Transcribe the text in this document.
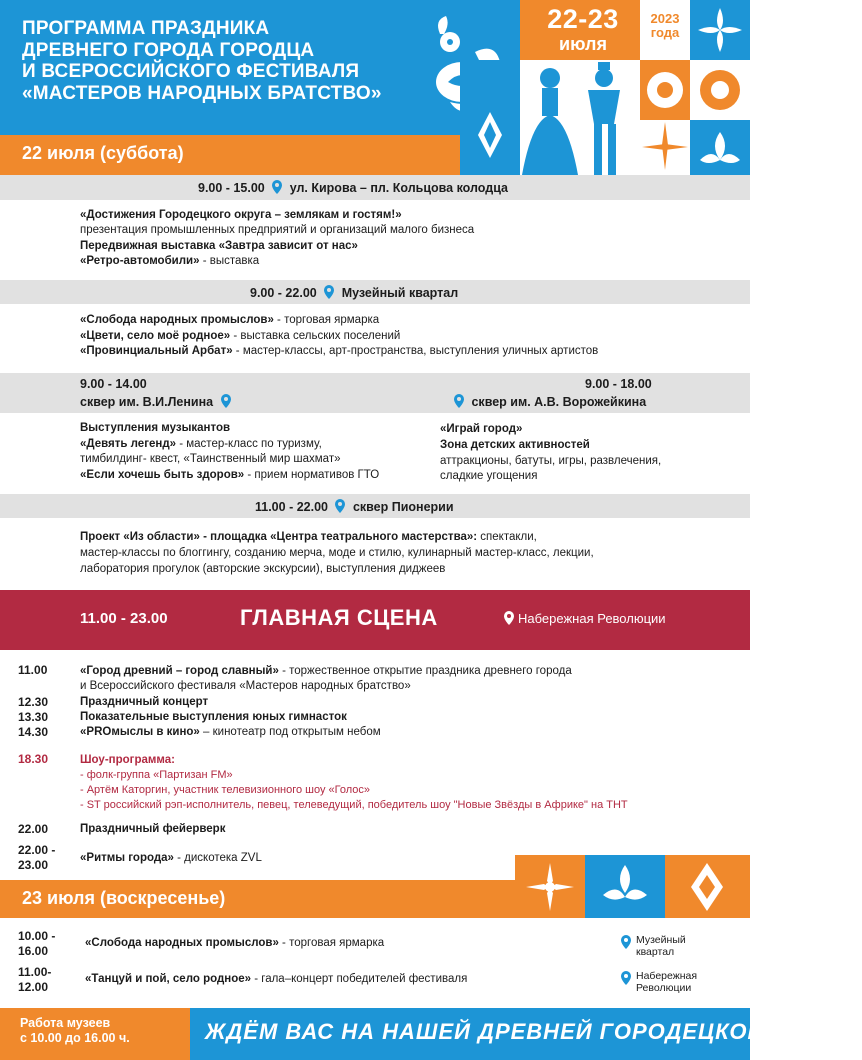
ПРОГРАММА ПРАЗДНИКА
ДРЕВНЕГО ГОРОДА ГОРОДЦА
И ВСЕРОССИЙСКОГО ФЕСТИВАЛЯ
«МАСТЕРОВ НАРОДНЫХ БРАТСТВО»
22-23
июля
2023
года
22 июля (суббота)
9.00 - 15.00 ул. Кирова – пл. Кольцова колодца
«Достижения Городецкого округа – землякам и гостям!»
презентация промышленных предприятий и организаций малого бизнеса
Передвижная выставка «Завтра зависит от нас»
«Ретро-автомобили» - выставка
9.00 - 22.00 Музейный квартал
«Слобода народных промыслов» - торговая ярмарка
«Цвети, село моё родное» - выставка сельских поселений
«Провинциальный Арбат» - мастер-классы, арт-пространства, выступления уличных артистов
9.00 - 14.00
сквер им. В.И.Ленина
9.00 - 18.00
сквер им. А.В. Ворожейкина
Выступления музыкантов
«Девять легенд» - мастер-класс по туризму,
тимбилдинг- квест, «Таинственный мир шахмат»
«Если хочешь быть здоров» - прием нормативов ГТО
«Играй город»
Зона детских активностей
аттракционы, батуты, игры, развлечения,
сладкие угощения
11.00 - 22.00 сквер Пионерии
Проект «Из области» - площадка «Центра театрального мастерства»: спектакли,
мастер-классы по блоггингу, созданию мерча, моде и стилю, кулинарный мастер-класс, лекции,
лаборатория прогулок (авторские экскурсии), выступления диджеев
11.00 - 23.00	ГЛАВНАЯ СЦЕНА	Набережная Революции
11.00	«Город древний – город славный» - торжественное открытие праздника древнего города
и Всероссийского фестиваля «Мастеров народных братство»
12.30	Праздничный концерт
13.30	Показательные выступления юных гимнасток
14.30	«PROмыслы в кино» – кинотеатр под открытым небом
18.30	Шоу-программа:
- фолк-группа «Партизан FM»
- Артём Каторгин, участник телевизионного шоу «Голос»
- ST российский рэп-исполнитель, певец, телеведущий, победитель шоу "Новые Звёзды в Африке" на ТНТ
22.00	Праздничный фейерверк
22.00 -
23.00	«Ритмы города» - дискотека ZVL
23 июля (воскресенье)
10.00 -
16.00
«Слобода народных промыслов» - торговая ярмарка	Музейный
квартал
11.00-
12.00
«Танцуй и пой, село родное» - гала–концерт победителей фестиваля	Набережная
Революции
Работа музеев
с 10.00 до 16.00 ч.	ЖДЁМ ВАС НА НАШЕЙ ДРЕВНЕЙ ГОРОДЕЦКОЙ ЗЕМЛЕ!
